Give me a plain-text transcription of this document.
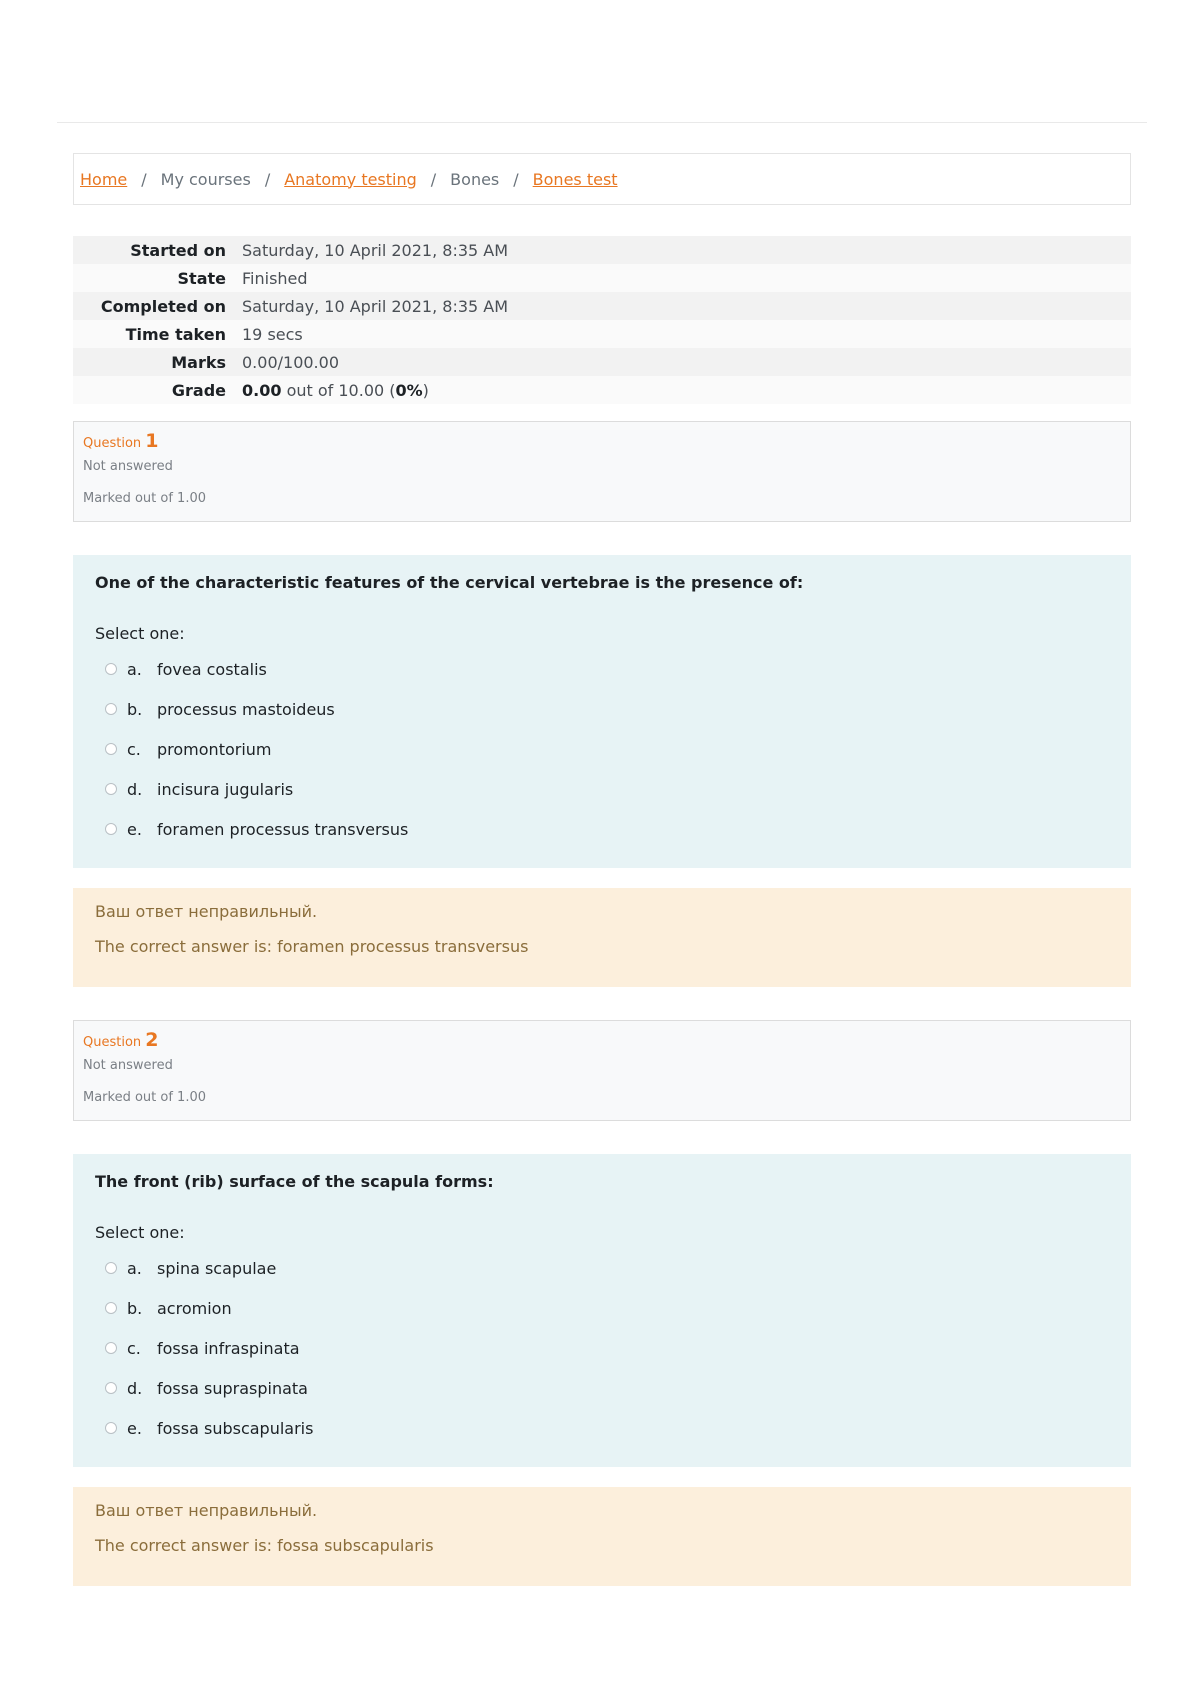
Home / My courses / Anatomy testing / Bones / Bones test
Started on	Saturday, 10 April 2021, 8:35 AM
State	Finished
Completed on	Saturday, 10 April 2021, 8:35 AM
Time taken	19 secs
Marks	0.00/100.00
Grade	0.00 out of 10.00 (0%)
Question 1
Not answered
Marked out of 1.00
One of the characteristic features of the cervical vertebrae is the presence of:
Select one:
a. fovea costalis
b. processus mastoideus
c.	promontorium
d. incisura jugularis
e. foramen processus transversus
Ваш ответ неправильный.
The correct answer is: foramen processus transversus
Question 2
Not answered
Marked out of 1.00
The front (rib) surface of the scapula forms:
Select one:
a. spina scapulae
b. acromion
c.	fossa infraspinata
d. fossa supraspinata
e. fossa subscapularis
Ваш ответ неправильный.
The correct answer is: fossa subscapularis
